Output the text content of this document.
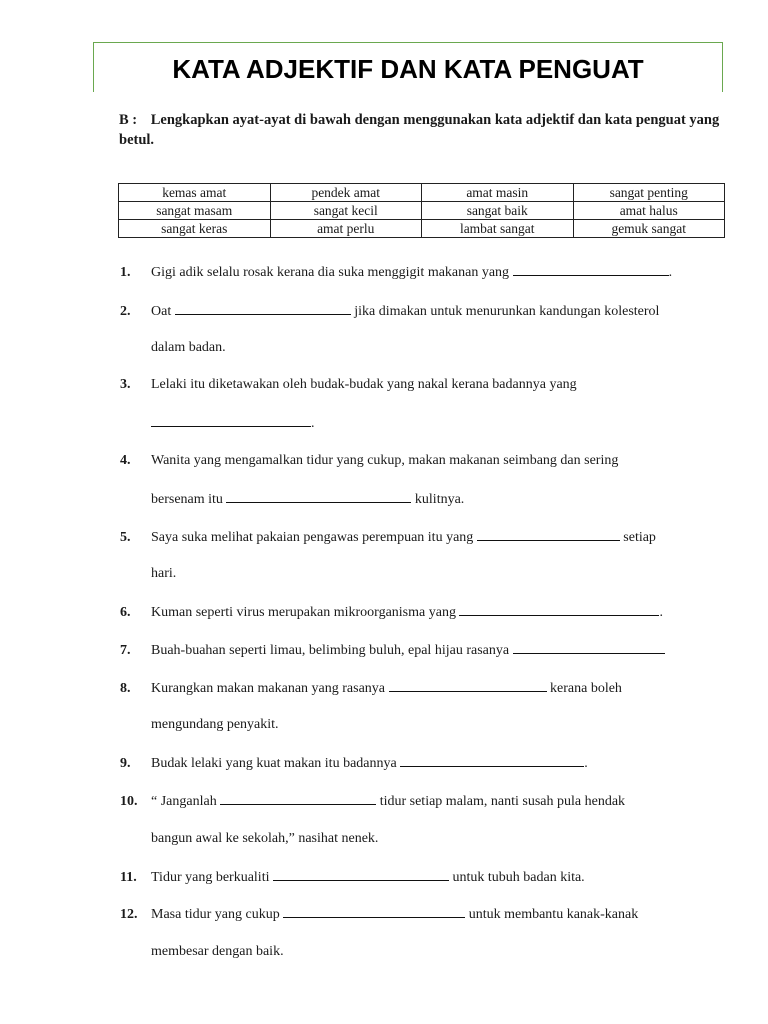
KATA ADJEKTIF DAN KATA PENGUAT
B : Lengkapkan ayat-ayat di bawah dengan menggunakan kata adjektif dan kata penguat yang betul.
kemas amat	pendek amat	amat masin	sangat penting
sangat masam	sangat kecil	sangat baik	amat halus
sangat keras	amat perlu	lambat sangat	gemuk sangat
1. Gigi adik selalu rosak kerana dia suka menggigit makanan yang	.
2. Oat	jika dimakan untuk menurunkan kandungan kolesterol
dalam badan.
3. Lelaki itu diketawakan oleh budak-budak yang nakal kerana badannya yang
.
4. Wanita yang mengamalkan tidur yang cukup, makan makanan seimbang dan sering
bersenam itu	kulitnya.
5. Saya suka melihat pakaian pengawas perempuan itu yang	setiap
hari.
6. Kuman seperti virus merupakan mikroorganisma yang	.
7. Buah-buahan seperti limau, belimbing buluh, epal hijau rasanya
8. Kurangkan makan makanan yang rasanya	kerana boleh
mengundang penyakit.
9. Budak lelaki yang kuat makan itu badannya	.
10. “ Janganlah	tidur setiap malam, nanti susah pula hendak
bangun awal ke sekolah,” nasihat nenek.
11. Tidur yang berkualiti	untuk tubuh badan kita.
12. Masa tidur yang cukup	untuk membantu kanak-kanak
membesar dengan baik.
